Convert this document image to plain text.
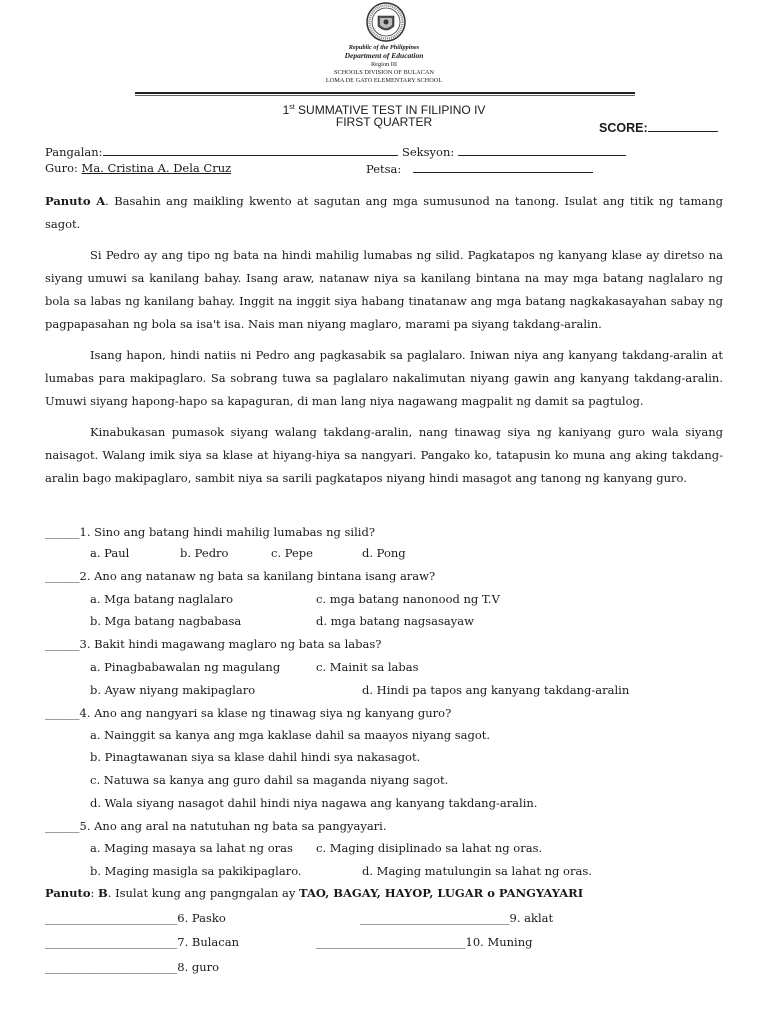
Republic of the Philippines
Department of Education
Region III
SCHOOLS DIVISION OF BULACAN
LOMA DE GATO ELEMENTARY SCHOOL
1st SUMMATIVE TEST IN FILIPINO IV
FIRST QUARTER	SCORE:
Pangalan:	Seksyon:
Guro: Ma. Cristina A. Dela Cruz	Petsa:
Panuto A. Basahin ang maikling kwento at sagutan ang mga sumusunod na tanong. Isulat ang titik ng tamang sagot.

Si Pedro ay ang tipo ng bata na hindi mahilig lumabas ng silid. Pagkatapos ng kanyang klase ay diretso na siyang umuwi sa kanilang bahay. Isang araw, natanaw niya sa kanilang bintana na may mga batang naglalaro ng bola sa labas ng kanilang bahay. Inggit na inggit siya habang tinatanaw ang mga batang nagkakasayahan sabay ng pagpapasahan ng bola sa isa't isa. Nais man niyang maglaro, marami pa siyang takdang-aralin.

Isang hapon, hindi natiis ni Pedro ang pagkasabik sa paglalaro. Iniwan niya ang kanyang takdang-aralin at lumabas para makipaglaro. Sa sobrang tuwa sa paglalaro nakalimutan niyang gawin ang kanyang takdang-aralin. Umuwi siyang hapong-hapo sa kapaguran, di man lang niya nagawang magpalit ng damit sa pagtulog.

Kinabukasan pumasok siyang walang takdang-aralin, nang tinawag siya ng kaniyang guro wala siyang naisagot. Walang imik siya sa klase at hiyang-hiya sa nangyari. Pangako ko, tatapusin ko muna ang aking takdang-aralin bago makipaglaro, sambit niya sa sarili pagkatapos niyang hindi masagot ang tanong ng kanyang guro.

______1. Sino ang batang hindi mahilig lumabas ng silid?
a. Paul	b. Pedro	c. Pepe	d. Pong
______2. Ano ang natanaw ng bata sa kanilang bintana isang araw?
a. Mga batang naglalaro	c. mga batang nanonood ng T.V
b. Mga batang nagbabasa	d. mga batang nagsasayaw
______3. Bakit hindi magawang maglaro ng bata sa labas?
a. Pinagbabawalan ng magulang	c. Mainit sa labas
b. Ayaw niyang makipaglaro	d. Hindi pa tapos ang kanyang takdang-aralin
______4. Ano ang nangyari sa klase ng tinawag siya ng kanyang guro?
a. Nainggit sa kanya ang mga kaklase dahil sa maayos niyang sagot.
b. Pinagtawanan siya sa klase dahil hindi sya nakasagot.
c. Natuwa sa kanya ang guro dahil sa maganda niyang sagot.
d. Wala siyang nasagot dahil hindi niya nagawa ang kanyang takdang-aralin.
______5. Ano ang aral na natutuhan ng bata sa pangyayari.
a. Maging masaya sa lahat ng oras c. Maging disiplinado sa lahat ng oras.
b. Maging masigla sa pakikipaglaro.	d. Maging matulungin sa lahat ng oras.
Panuto: B. Isulat kung ang pangngalan ay TAO, BAGAY, HAYOP, LUGAR o PANGYAYARI
_______________________6. Pasko	__________________________9. aklat
_______________________7. Bulacan	__________________________10. Muning
_______________________8. guro
